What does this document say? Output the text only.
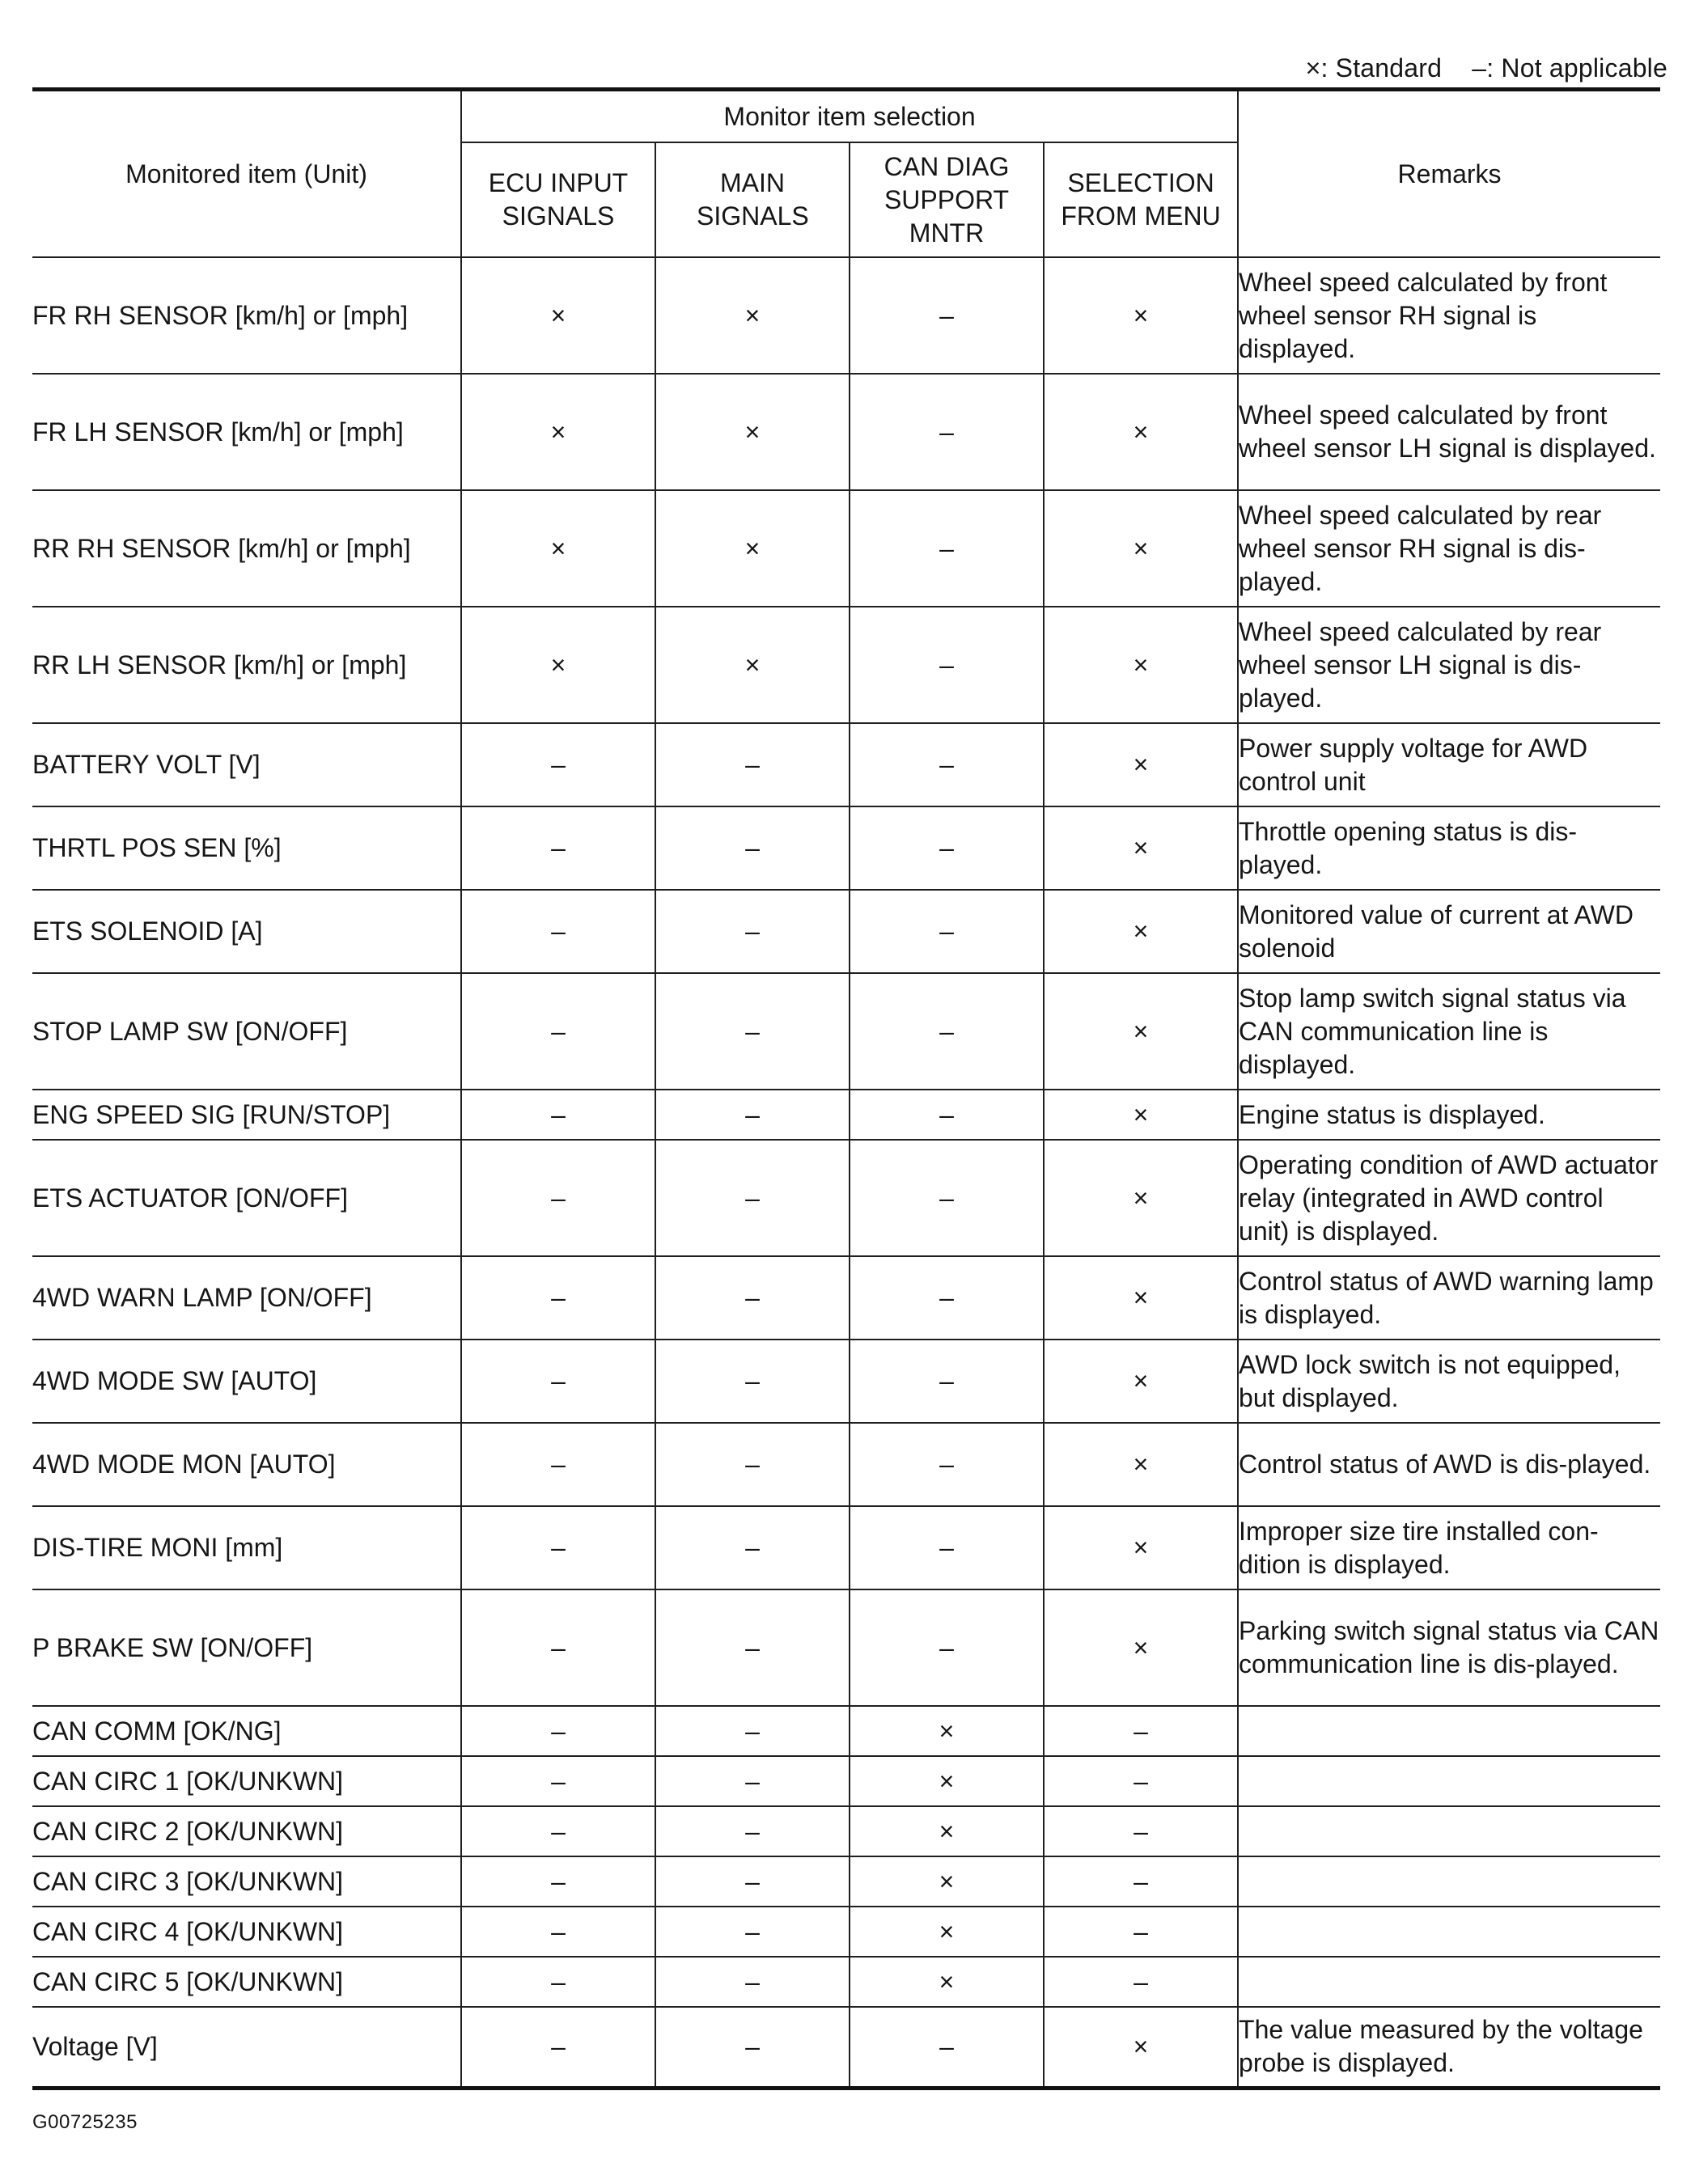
×: Standard –: Not applicable
Monitored item (Unit)	Monitor item selection				Remarks
	ECU INPUT SIGNALS	MAIN SIGNALS	CAN DIAG SUPPORT MNTR	SELECTION FROM MENU	
FR RH SENSOR [km/h] or [mph]	×	×	–	×	Wheel speed calculated by front wheel sensor RH signal is displayed.
FR LH SENSOR [km/h] or [mph]	×	×	–	×	Wheel speed calculated by front wheel sensor LH signal is displayed.
RR RH SENSOR [km/h] or [mph]	×	×	–	×	Wheel speed calculated by rear wheel sensor RH signal is dis-played.
RR LH SENSOR [km/h] or [mph]	×	×	–	×	Wheel speed calculated by rear wheel sensor LH signal is dis-played.
BATTERY VOLT [V]	–	–	–	×	Power supply voltage for AWD control unit
THRTL POS SEN [%]	–	–	–	×	Throttle opening status is dis-played.
ETS SOLENOID [A]	–	–	–	×	Monitored value of current at AWD solenoid
STOP LAMP SW [ON/OFF]	–	–	–	×	Stop lamp switch signal status via CAN communication line is displayed.
ENG SPEED SIG [RUN/STOP]	–	–	–	×	Engine status is displayed.
ETS ACTUATOR [ON/OFF]	–	–	–	×	Operating condition of AWD actuator relay (integrated in AWD control unit) is displayed.
4WD WARN LAMP [ON/OFF]	–	–	–	×	Control status of AWD warning lamp is displayed.
4WD MODE SW [AUTO]	–	–	–	×	AWD lock switch is not equipped, but displayed.
4WD MODE MON [AUTO]	–	–	–	×	Control status of AWD is dis-played.
DIS-TIRE MONI [mm]	–	–	–	×	Improper size tire installed con-dition is displayed.
P BRAKE SW [ON/OFF]	–	–	–	×	Parking switch signal status via CAN communication line is dis-played.
CAN COMM [OK/NG]	–	–	×	–	
CAN CIRC 1 [OK/UNKWN]	–	–	×	–	
CAN CIRC 2 [OK/UNKWN]	–	–	×	–	
CAN CIRC 3 [OK/UNKWN]	–	–	×	–	
CAN CIRC 4 [OK/UNKWN]	–	–	×	–	
CAN CIRC 5 [OK/UNKWN]	–	–	×	–	
Voltage [V]	–	–	–	×	The value measured by the voltage probe is displayed.
G00725235
